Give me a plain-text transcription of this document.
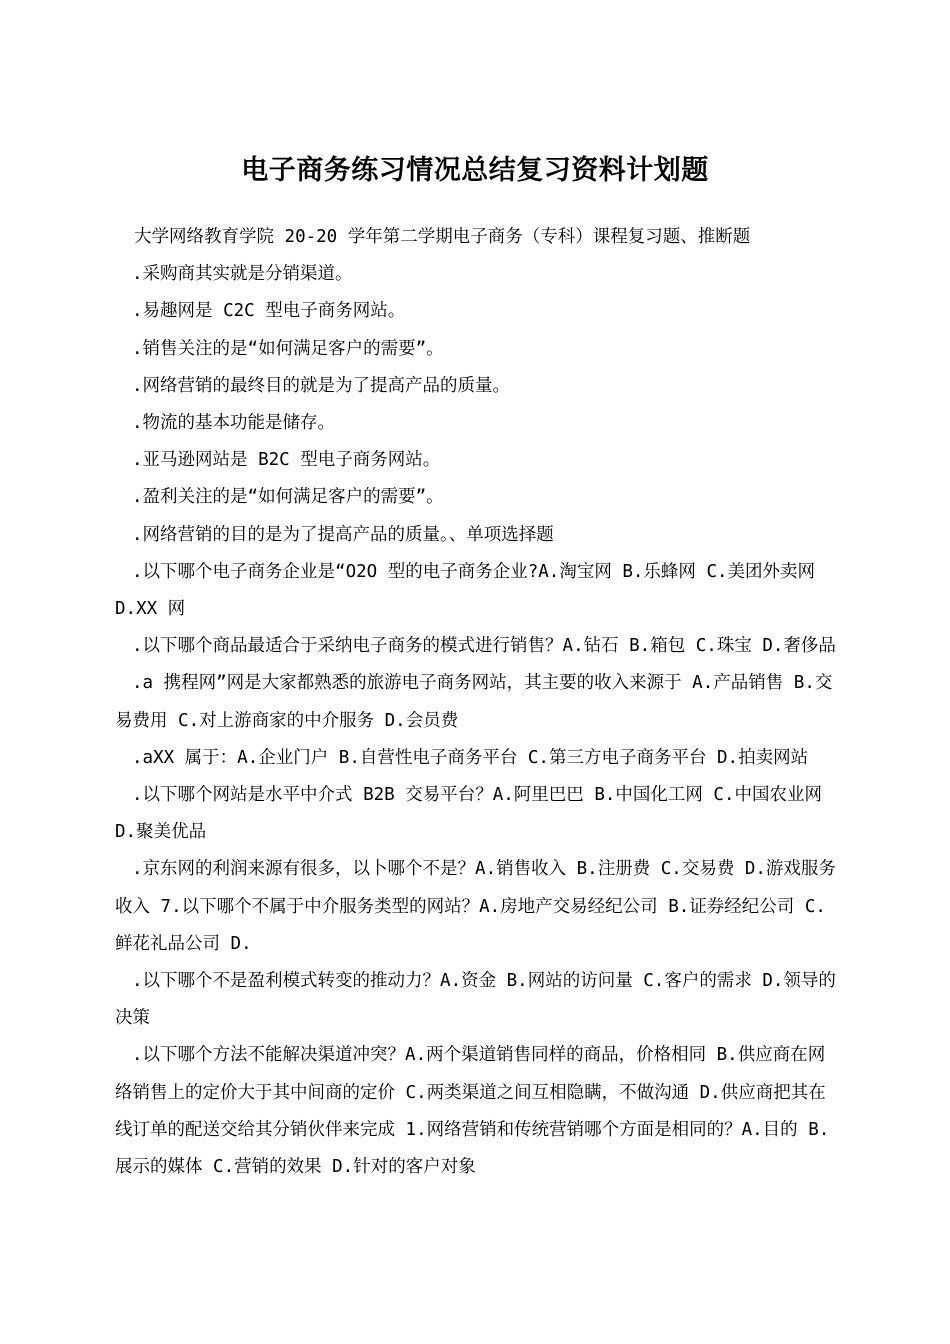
电子商务练习情况总结复习资料计划题

大学网络教育学院 20-20 学年第二学期电子商务（专科）课程复习题、推断题

.采购商其实就是分销渠道。

.易趣网是 C2C 型电子商务网站。

.销售关注的是“如何满足客户的需要”。

.网络营销的最终目的就是为了提高产品的质量。

.物流的基本功能是储存。

.亚马逊网站是 B2C 型电子商务网站。

.盈利关注的是“如何满足客户的需要”。

.网络营销的目的是为了提高产品的质量。、单项选择题

.以下哪个电子商务企业是“O2O 型的电子商务企业?A.淘宝网 B.乐蜂网 C.美团外卖网 D.XX 网

.以下哪个商品最适合于采纳电子商务的模式进行销售？A.钻石 B.箱包 C.珠宝 D.奢侈品

.a 携程网”网是大家都熟悉的旅游电子商务网站，其主要的收入来源于 A.产品销售 B.交易费用 C.对上游商家的中介服务 D.会员费

.aXX 属于：A.企业门户 B.自营性电子商务平台 C.第三方电子商务平台 D.拍卖网站

.以下哪个网站是水平中介式 B2B 交易平台？A.阿里巴巴 B.中国化工网 C.中国农业网 D.聚美优品

.京东网的利润来源有很多，以卜哪个不是？A.销售收入 B.注册费 C.交易费 D.游戏服务收入 7.以下哪个不属于中介服务类型的网站？A.房地产交易经纪公司 B.证券经纪公司 C.鲜花礼品公司 D.

.以下哪个不是盈利模式转变的推动力？A.资金 B.网站的访问量 C.客户的需求 D.领导的决策

.以下哪个方法不能解决渠道冲突？A.两个渠道销售同样的商品，价格相同 B.供应商在网络销售上的定价大于其中间商的定价 C.两类渠道之间互相隐瞒，不做沟通 D.供应商把其在线订单的配送交给其分销伙伴来完成 1.网络营销和传统营销哪个方面是相同的？A.目的 B.展示的媒体 C.营销的效果 D.针对的客户对象
